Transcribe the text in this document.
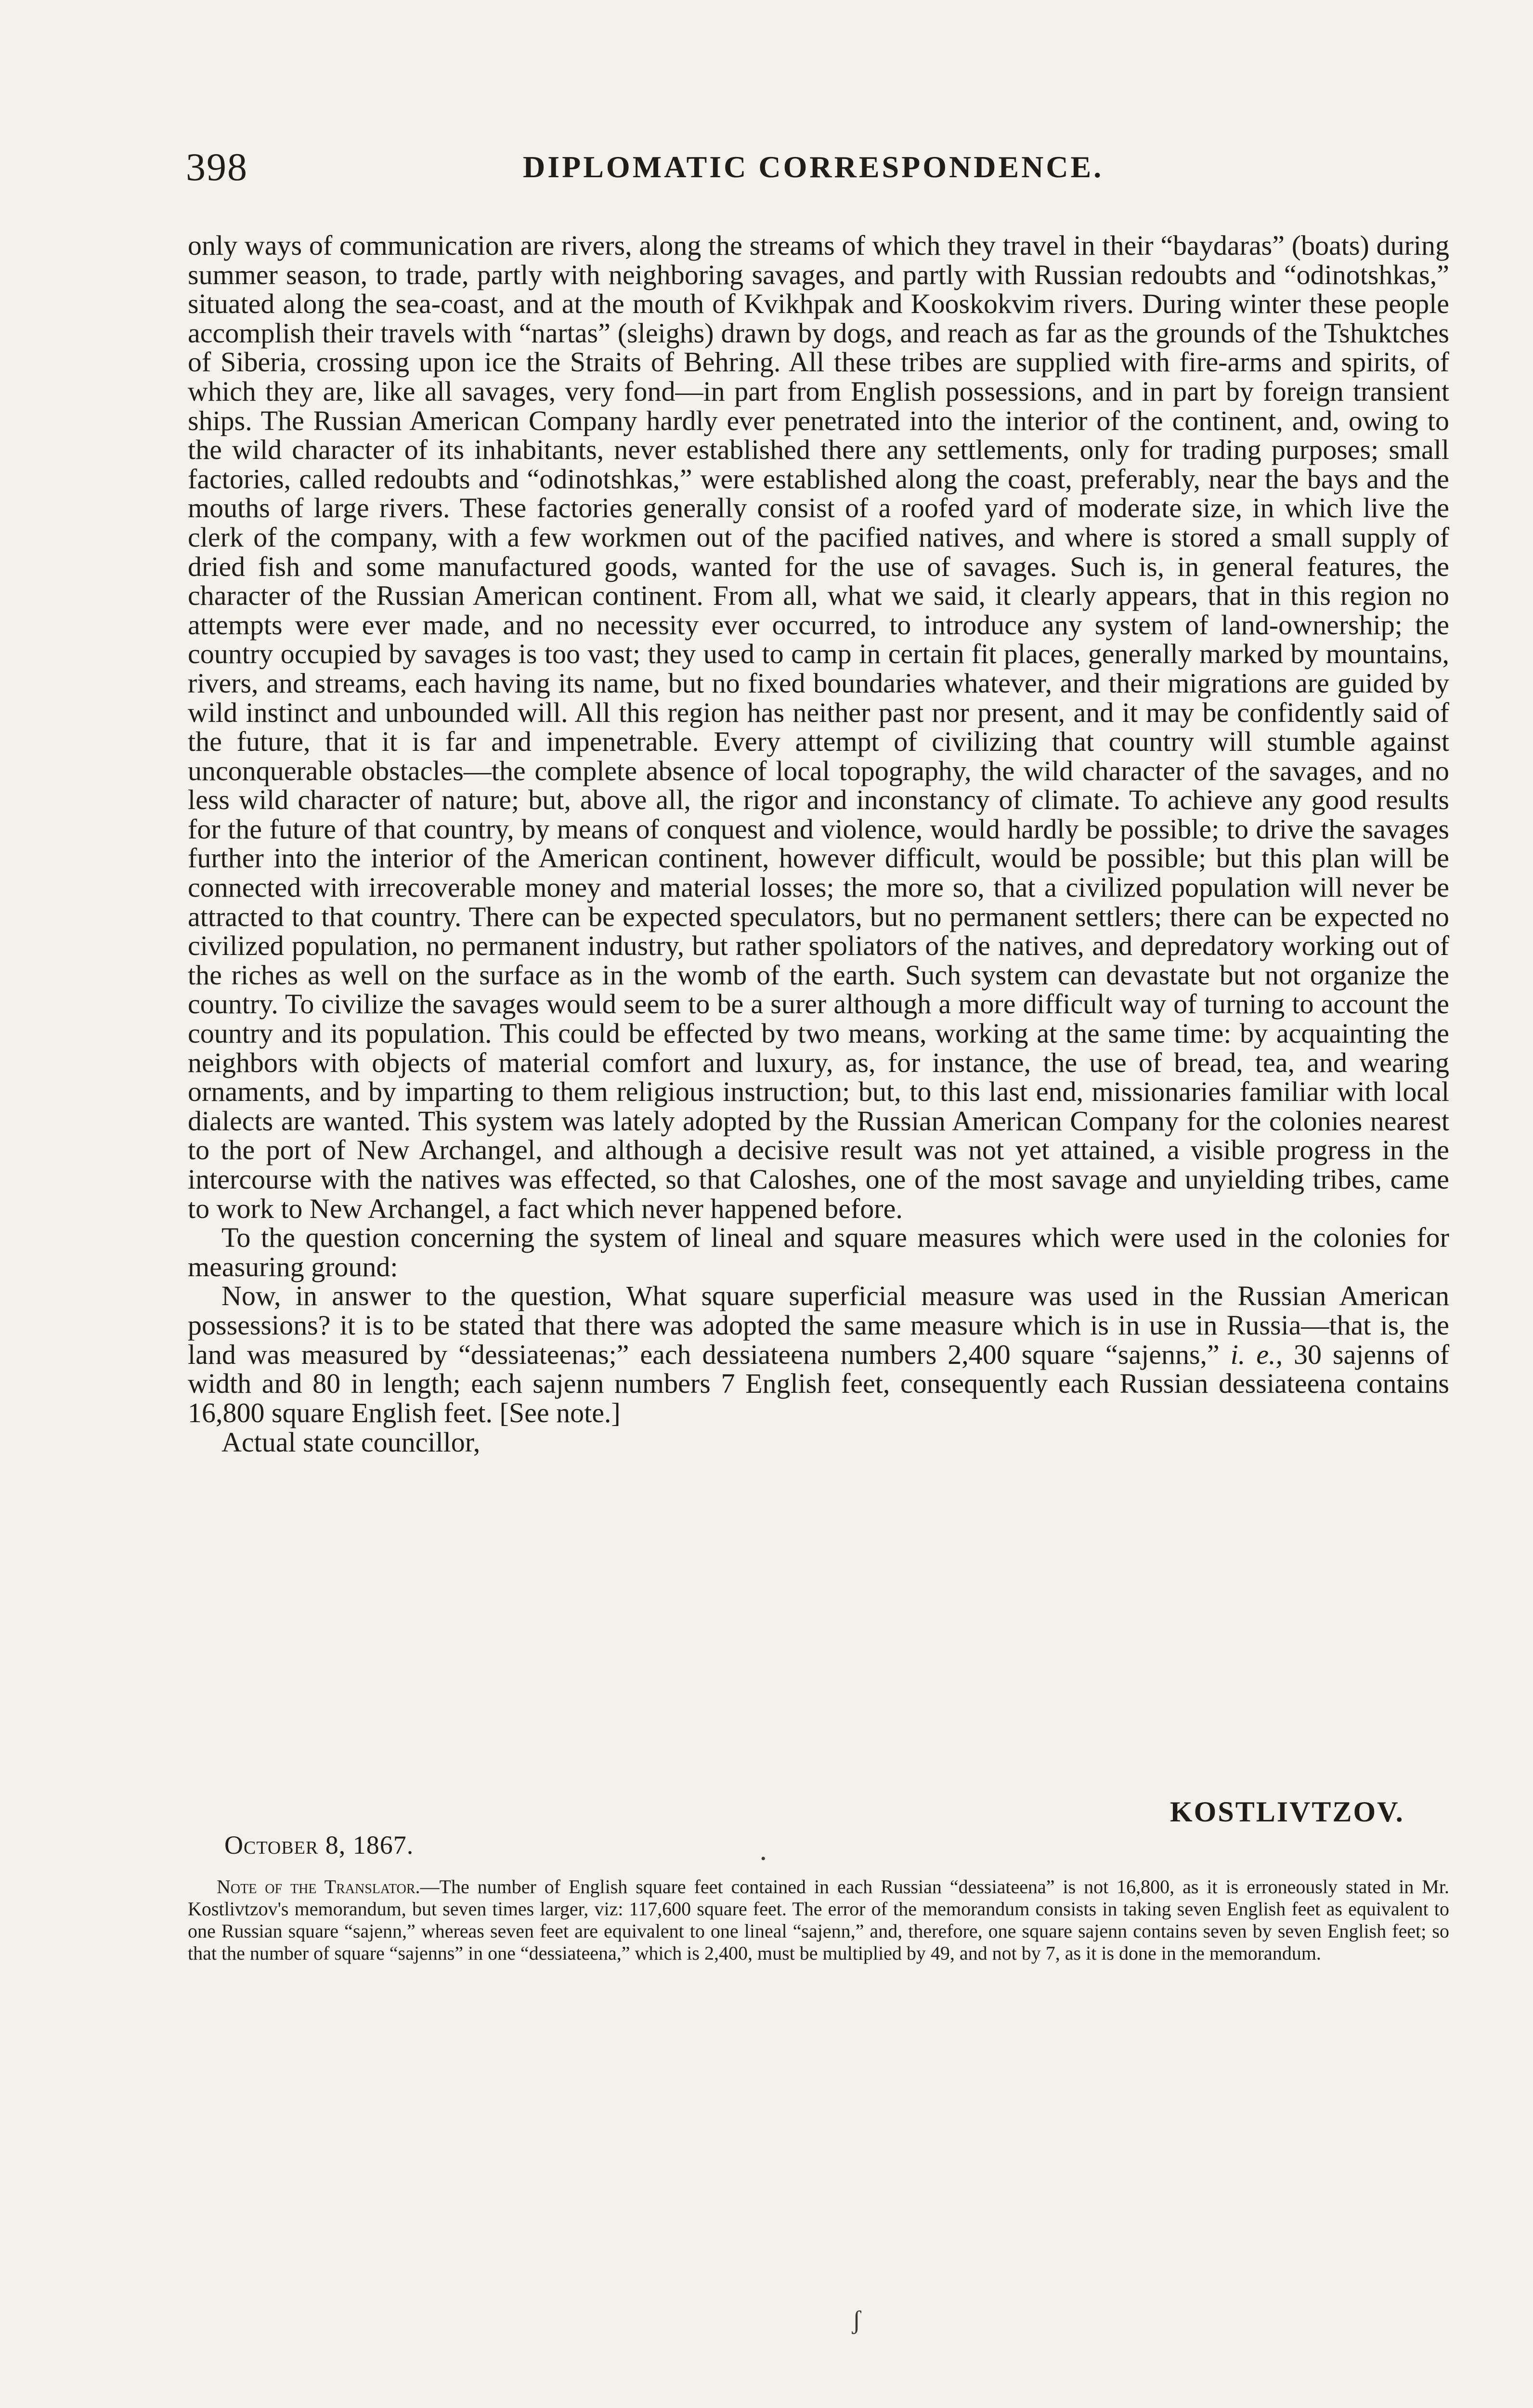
398	DIPLOMATIC CORRESPONDENCE.

only ways of communication are rivers, along the streams of which they travel in their “baydaras” (boats) during summer season, to trade, partly with neighboring savages, and partly with Russian redoubts and “odinotshkas,” situated along the sea-coast, and at the mouth of Kvikhpak and Kooskokvim rivers. During winter these people accomplish their travels with “nartas” (sleighs) drawn by dogs, and reach as far as the grounds of the Tshuktches of Siberia, crossing upon ice the Straits of Behring. All these tribes are supplied with fire-arms and spirits, of which they are, like all savages, very fond—in part from English possessions, and in part by foreign transient ships. The Russian American Company hardly ever penetrated into the interior of the continent, and, owing to the wild character of its inhabitants, never established there any settlements, only for trading purposes; small factories, called redoubts and “odinotshkas,” were established along the coast, preferably, near the bays and the mouths of large rivers. These factories generally consist of a roofed yard of moderate size, in which live the clerk of the company, with a few workmen out of the pacified natives, and where is stored a small supply of dried fish and some manufactured goods, wanted for the use of savages. Such is, in general features, the character of the Russian American continent. From all, what we said, it clearly appears, that in this region no attempts were ever made, and no necessity ever occurred, to introduce any system of land-ownership; the country occupied by savages is too vast; they used to camp in certain fit places, generally marked by mountains, rivers, and streams, each having its name, but no fixed boundaries whatever, and their migrations are guided by wild instinct and unbounded will. All this region has neither past nor present, and it may be confidently said of the future, that it is far and impenetrable. Every attempt of civilizing that country will stumble against unconquerable obstacles—the complete absence of local topography, the wild character of the savages, and no less wild character of nature; but, above all, the rigor and inconstancy of climate. To achieve any good results for the future of that country, by means of conquest and violence, would hardly be possible; to drive the savages further into the interior of the American continent, however difficult, would be possible; but this plan will be connected with irrecoverable money and material losses; the more so, that a civilized population will never be attracted to that country. There can be expected speculators, but no permanent settlers; there can be expected no civilized population, no permanent industry, but rather spoliators of the natives, and depredatory working out of the riches as well on the surface as in the womb of the earth. Such system can devastate but not organize the country. To civilize the savages would seem to be a surer although a more difficult way of turning to account the country and its population. This could be effected by two means, working at the same time: by acquainting the neighbors with objects of material comfort and luxury, as, for instance, the use of bread, tea, and wearing ornaments, and by imparting to them religious instruction; but, to this last end, missionaries familiar with local dialects are wanted. This system was lately adopted by the Russian American Company for the colonies nearest to the port of New Archangel, and although a decisive result was not yet attained, a visible progress in the intercourse with the natives was effected, so that Caloshes, one of the most savage and unyielding tribes, came to work to New Archangel, a fact which never happened before.

To the question concerning the system of lineal and square measures which were used in the colonies for measuring ground:

Now, in answer to the question, What square superficial measure was used in the Russian American possessions? it is to be stated that there was adopted the same measure which is in use in Russia—that is, the land was measured by “dessiateenas;” each dessiateena numbers 2,400 square “sajenns,” i. e., 30 sajenns of width and 80 in length; each sajenn numbers 7 English feet, consequently each Russian dessiateena contains 16,800 square English feet. [See note.]

Actual state councillor,

KOSTLIVTZOV.
October 8, 1867.
Note of the Translator.—The number of English square feet contained in each Russian “dessiateena” is not 16,800, as it is erroneously stated in Mr. Kostlivtzov's memorandum, but seven times larger, viz: 117,600 square feet. The error of the memorandum consists in taking seven English feet as equivalent to one Russian square “sajenn,” whereas seven feet are equivalent to one lineal “sajenn,” and, therefore, one square sajenn contains seven by seven English feet; so that the number of square “sajenns” in one “dessiateena,” which is 2,400, must be multiplied by 49, and not by 7, as it is done in the memorandum.
ʃ
•
